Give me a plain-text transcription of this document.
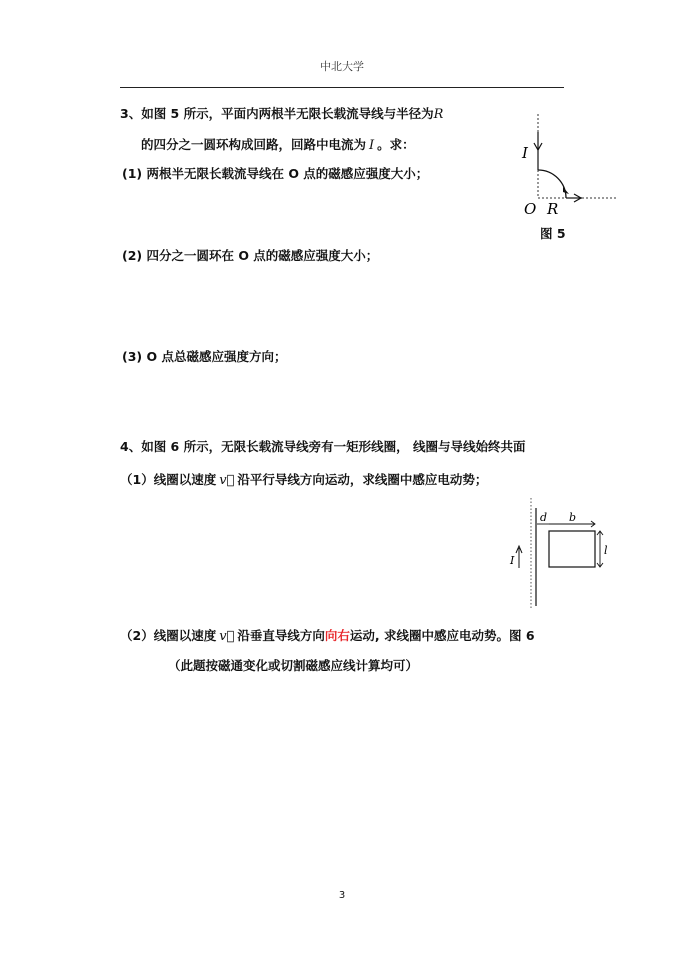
中北大学
3、如图 5 所示，平面内两根半无限长载流导线与半径为R
的四分之一圆环构成回路，回路中电流为 I 。求：
(1) 两根半无限长载流导线在 O 点的磁感应强度大小；
(2) 四分之一圆环在 O 点的磁感应强度大小；
(3) O 点总磁感应强度方向；
I
O R
图 5
4、如图 6 所示，无限长载流导线旁有一矩形线圈， 线圈与导线始终共面
（1）线圈以速度 v⃗ 沿平行导线方向运动，求线圈中感应电动势；
I
d b
l
（2）线圈以速度 v⃗ 沿垂直导线方向向右运动, 求线圈中感应电动势。图 6
（此题按磁通变化或切割磁感应线计算均可）
3
